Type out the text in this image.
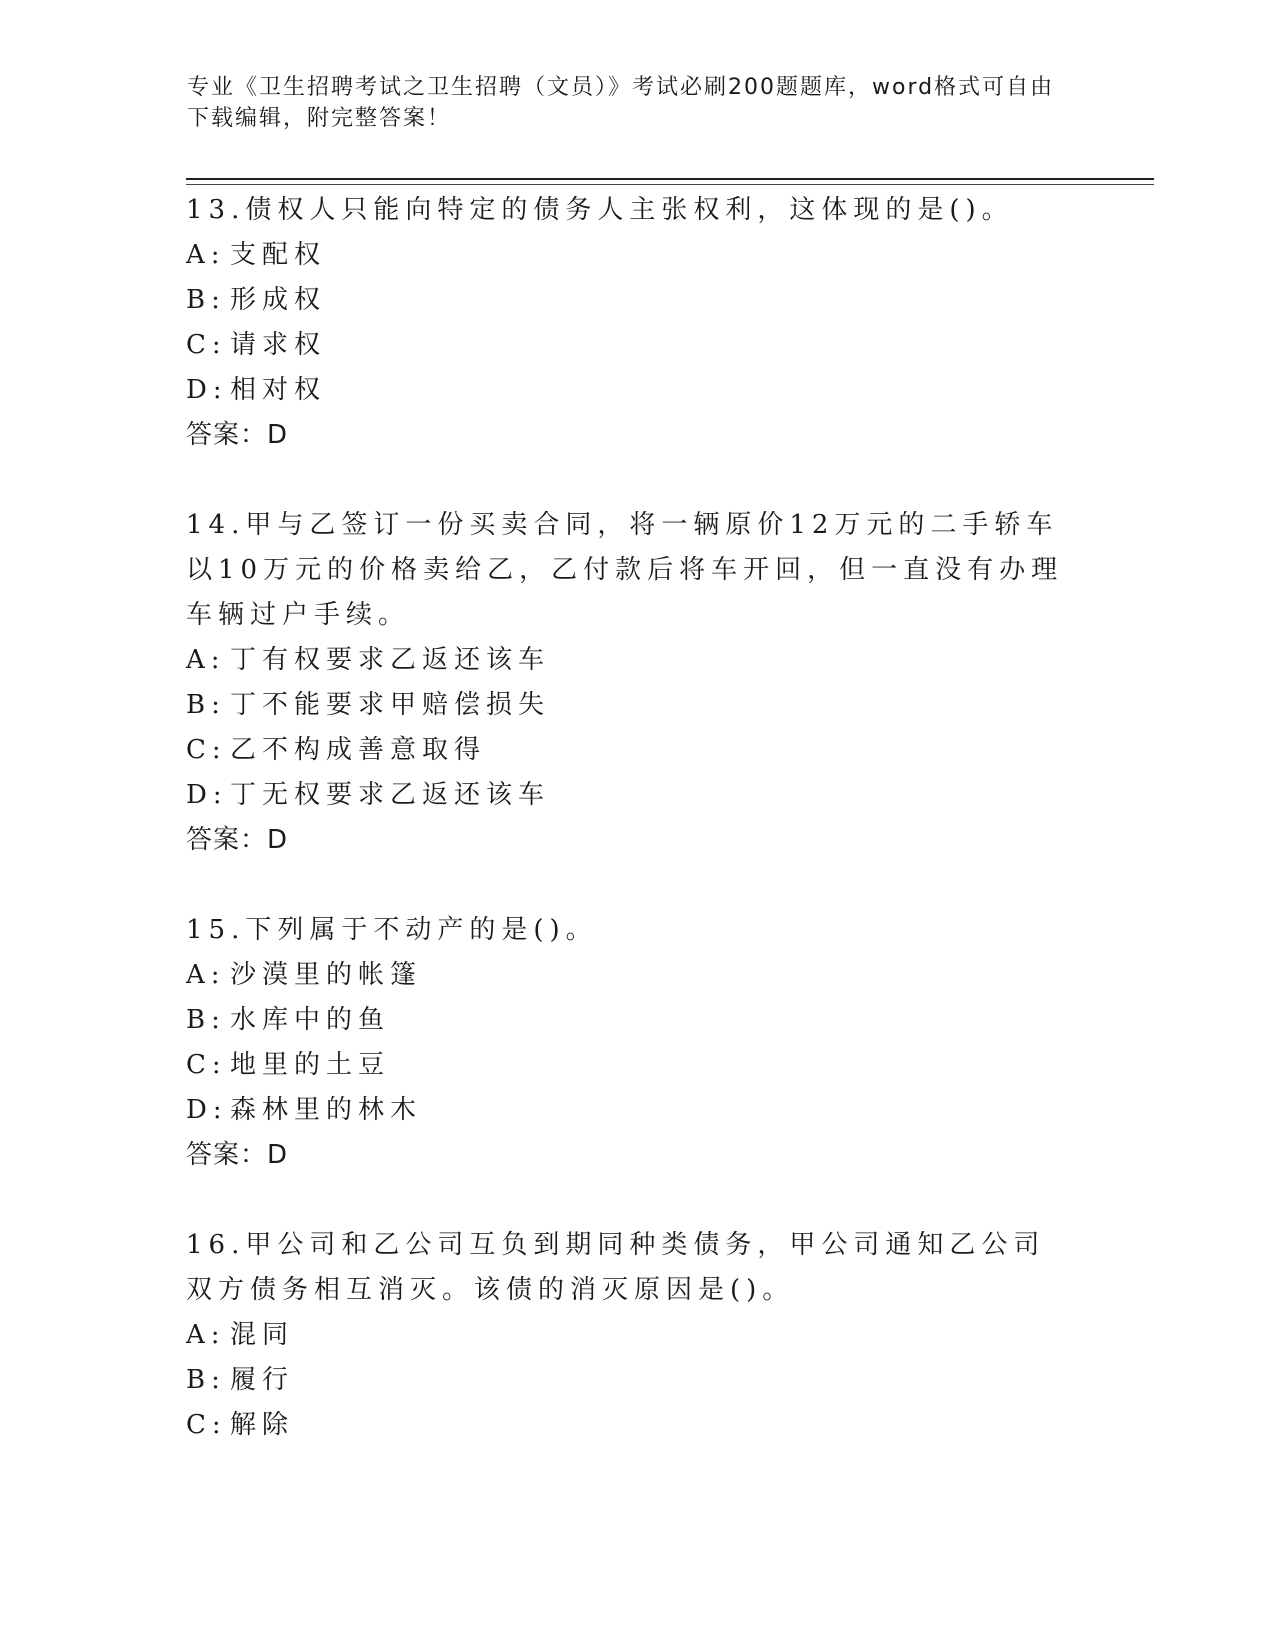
专业《卫生招聘考试之卫生招聘（文员）》考试必刷200题题库，word格式可自由下载编辑，附完整答案！
13.债权人只能向特定的债务人主张权利，这体现的是()。
A: 支配权
B: 形成权
C: 请求权
D: 相对权
答案：D
14.甲与乙签订一份买卖合同，将一辆原价12万元的二手轿车以10万元的价格卖给乙，乙付款后将车开回，但一直没有办理车辆过户手续。
A: 丁有权要求乙返还该车
B: 丁不能要求甲赔偿损失
C: 乙不构成善意取得
D: 丁无权要求乙返还该车
答案：D
15.下列属于不动产的是()。
A: 沙漠里的帐篷
B: 水库中的鱼
C: 地里的土豆
D: 森林里的林木
答案：D
16.甲公司和乙公司互负到期同种类债务，甲公司通知乙公司双方债务相互消灭。该债的消灭原因是()。
A: 混同
B: 履行
C: 解除
